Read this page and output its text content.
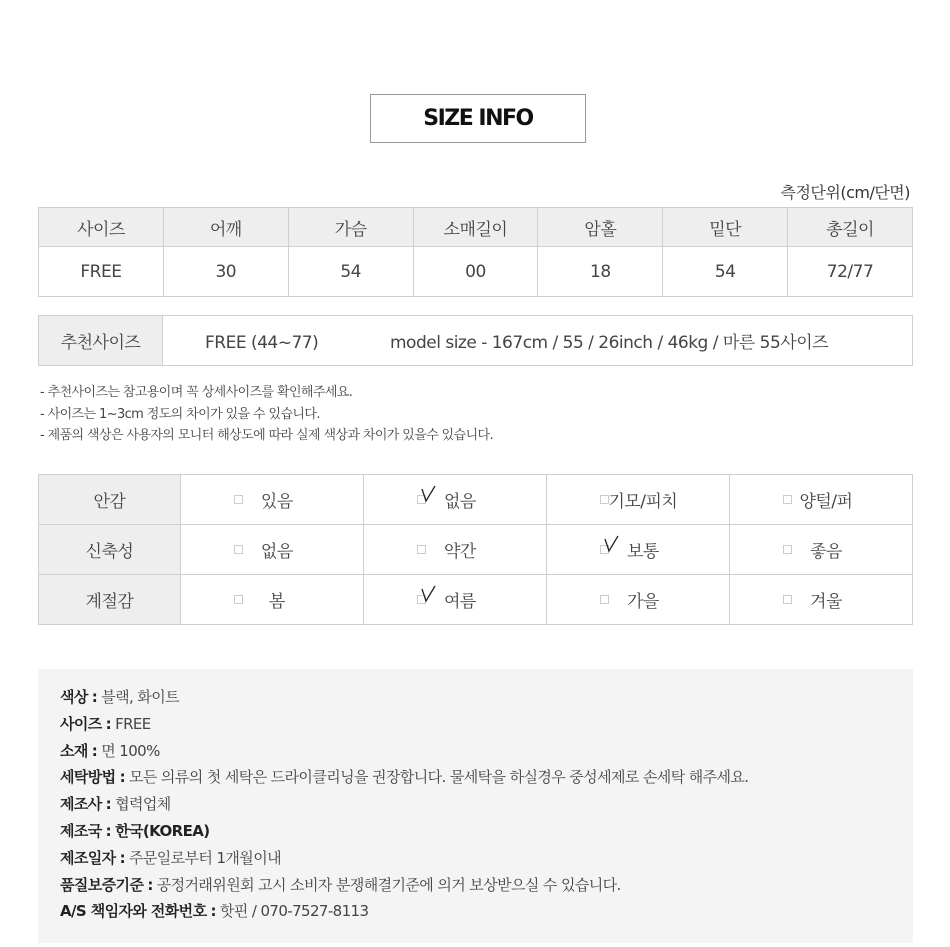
SIZE INFO
측정단위(cm/단면)
사이즈	어깨	가슴	소매길이	암홀	밑단	총길이
FREE	30	54	00	18	54	72/77
추천사이즈	FREE (44~77)	model size - 167cm / 55 / 26inch / 46kg / 마른 55사이즈
- 추천사이즈는 참고용이며 꼭 상세사이즈를 확인해주세요.
- 사이즈는 1~3cm 정도의 차이가 있을 수 있습니다.
- 제품의 색상은 사용자의 모니터 해상도에 따라 실제 색상과 차이가 있을수 있습니다.
안감	있음	없음	기모/피치	양털/퍼
신축성	없음	약간	보통	좋음
계절감	봄	여름	가을	겨울
색상 : 블랙, 화이트
사이즈 : FREE
소재 : 면 100%
세탁방법 : 모든 의류의 첫 세탁은 드라이클리닝을 권장합니다. 물세탁을 하실경우 중성세제로 손세탁 해주세요.
제조사 : 협력업체
제조국 : 한국(KOREA)
제조일자 : 주문일로부터 1개월이내
품질보증기준 : 공정거래위원회 고시 소비자 분쟁해결기준에 의거 보상받으실 수 있습니다.
A/S 책임자와 전화번호 : 핫핀 / 070-7527-8113
